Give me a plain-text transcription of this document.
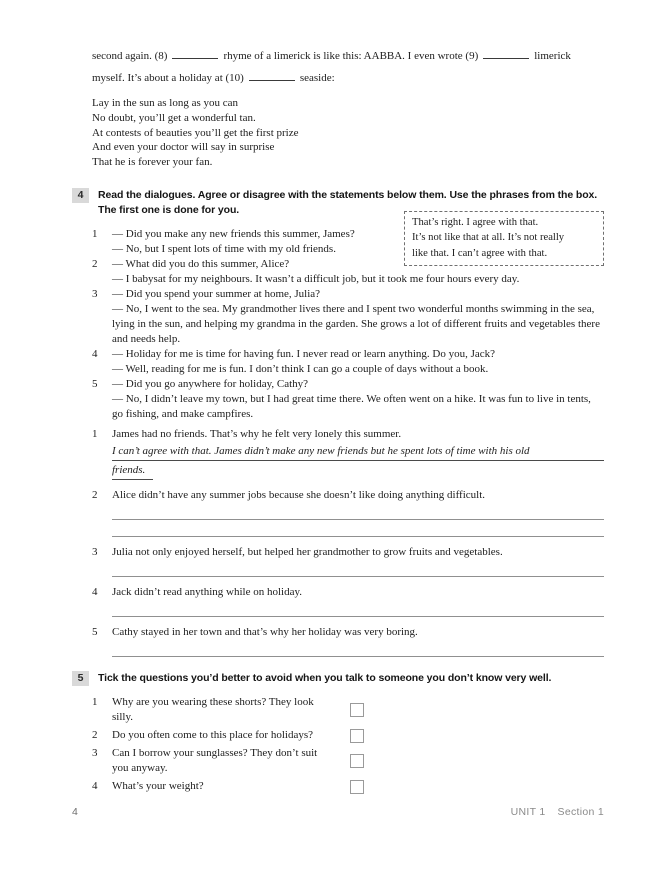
second again. (8)	rhyme of a limerick is like this: AABBA. I even wrote (9)	limerick
myself. It’s about a holiday at (10)	seaside:
Lay in the sun as long as you can
No doubt, you’ll get a wonderful tan.
At contests of beauties you’ll get the first prize
And even your doctor will say in surprise
That he is forever your fan.
4	Read the dialogues. Agree or disagree with the statements below them. Use the phrases from the box. The first one is done for you.
That’s right. I agree with that.
It’s not like that at all. It’s not really
like that. I can’t agree with that.
1	— Did you make any new friends this summer, James?
— No, but I spent lots of time with my old friends.
2	— What did you do this summer, Alice?
— I babysat for my neighbours. It wasn’t a difficult job, but it took me four hours every day.
3	— Did you spend your summer at home, Julia?
— No, I went to the sea. My grandmother lives there and I spent two wonderful months swimming in the sea, lying in the sun, and helping my grandma in the garden. She grows a lot of different fruits and vegetables there and needs help.
4	— Holiday for me is time for having fun. I never read or learn anything. Do you, Jack?
— Well, reading for me is fun. I don’t think I can go a couple of days without a book.
5	— Did you go anywhere for holiday, Cathy?
— No, I didn’t leave my town, but I had great time there. We often went on a hike. It was fun to live in tents, go fishing, and make campfires.
1	James had no friends. That’s why he felt very lonely this summer.
I can’t agree with that. James didn’t make any new friends but he spent lots of time with his old
friends.
2	Alice didn’t have any summer jobs because she doesn’t like doing anything difficult.
3	Julia not only enjoyed herself, but helped her grandmother to grow fruits and vegetables.
4	Jack didn’t read anything while on holiday.
5	Cathy stayed in her town and that’s why her holiday was very boring.
5	Tick the questions you’d better to avoid when you talk to someone you don’t know very well.
1	Why are you wearing these shorts? They look silly.
2	Do you often come to this place for holidays?
3	Can I borrow your sunglasses? They don’t suit you anyway.
4	What’s your weight?
4	UNIT 1 Section 1
